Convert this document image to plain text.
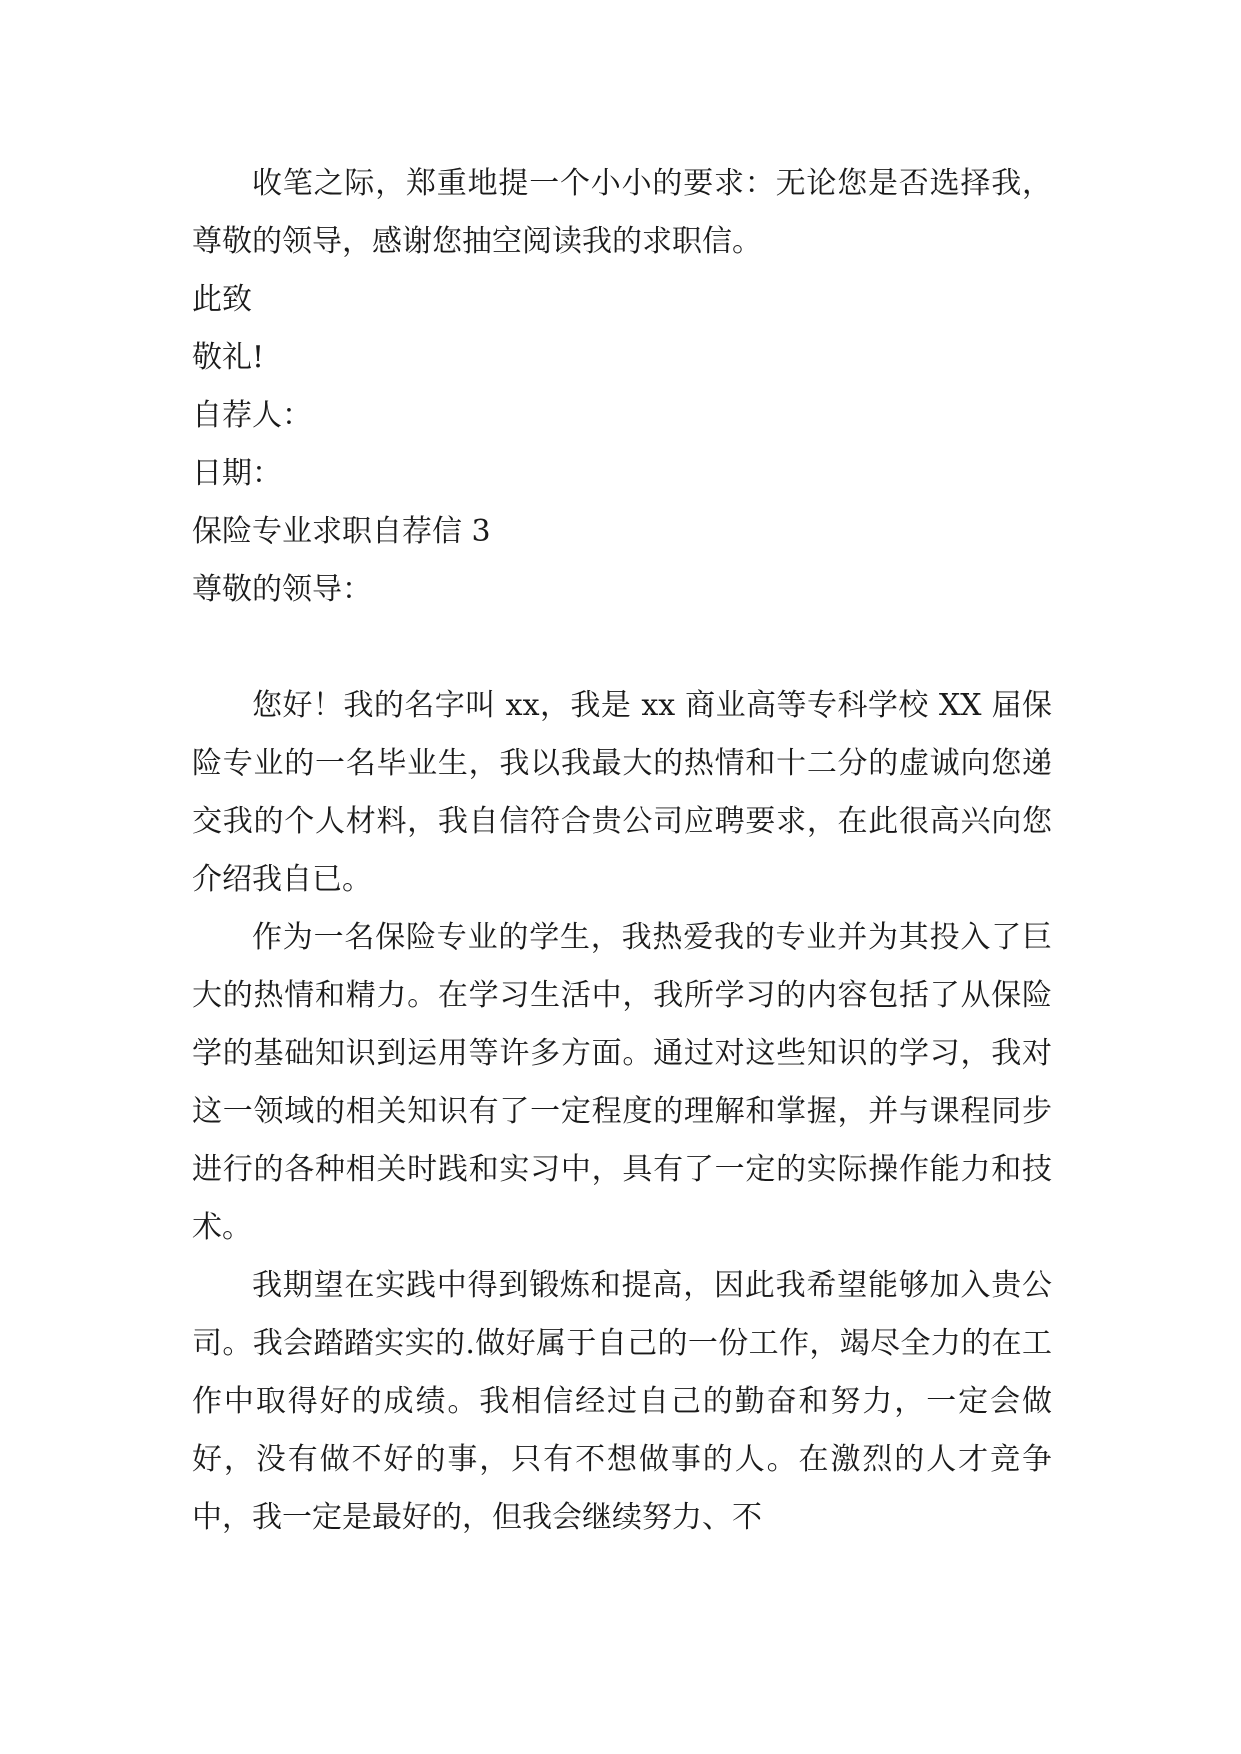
收笔之际，郑重地提一个小小的要求：无论您是否选择我，尊敬的领导，感谢您抽空阅读我的求职信。

此致

敬礼!

自荐人：

日期：

保险专业求职自荐信 3

尊敬的领导：

您好！我的名字叫 xx，我是 xx 商业高等专科学校 XX 届保险专业的一名毕业生，我以我最大的热情和十二分的虚诚向您递交我的个人材料，我自信符合贵公司应聘要求，在此很高兴向您介绍我自已。

作为一名保险专业的学生，我热爱我的专业并为其投入了巨大的热情和精力。在学习生活中，我所学习的内容包括了从保险学的基础知识到运用等许多方面。通过对这些知识的学习，我对这一领域的相关知识有了一定程度的理解和掌握，并与课程同步进行的各种相关时践和实习中，具有了一定的实际操作能力和技术。

我期望在实践中得到锻炼和提高，因此我希望能够加入贵公司。我会踏踏实实的.做好属于自己的一份工作，竭尽全力的在工作中取得好的成绩。我相信经过自己的勤奋和努力，一定会做好，没有做不好的事，只有不想做事的人。在激烈的人才竞争中，我一定是最好的，但我会继续努力、不
